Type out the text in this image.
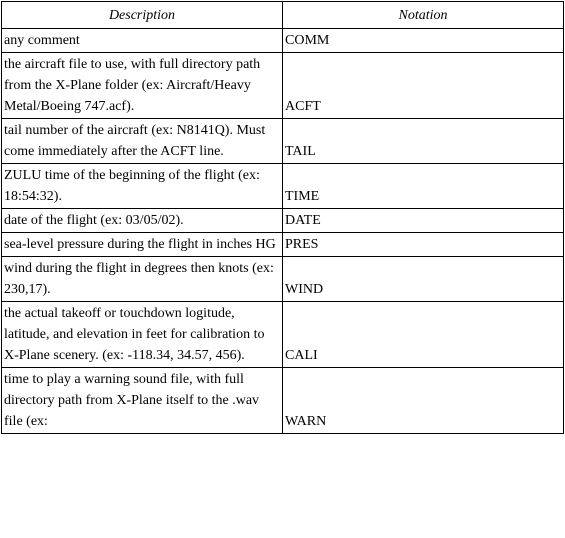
Description	Notation
any comment	COMM
the aircraft file to use, with full directory path from the X-Plane folder (ex: Aircraft/Heavy Metal/Boeing 747.acf).	ACFT
tail number of the aircraft (ex: N8141Q). Must come immediately after the ACFT line.	TAIL
ZULU time of the beginning of the flight (ex: 18:54:32).	TIME
date of the flight (ex: 03/05/02).	DATE
sea-level pressure during the flight in inches HG	PRES
wind during the flight in degrees then knots (ex: 230,17).	WIND
the actual takeoff or touchdown logitude, latitude, and elevation in feet for calibration to X-Plane scenery. (ex: -118.34, 34.57, 456).	CALI
time to play a warning sound file, with full directory path from X-Plane itself to the .wav file (ex:	WARN
